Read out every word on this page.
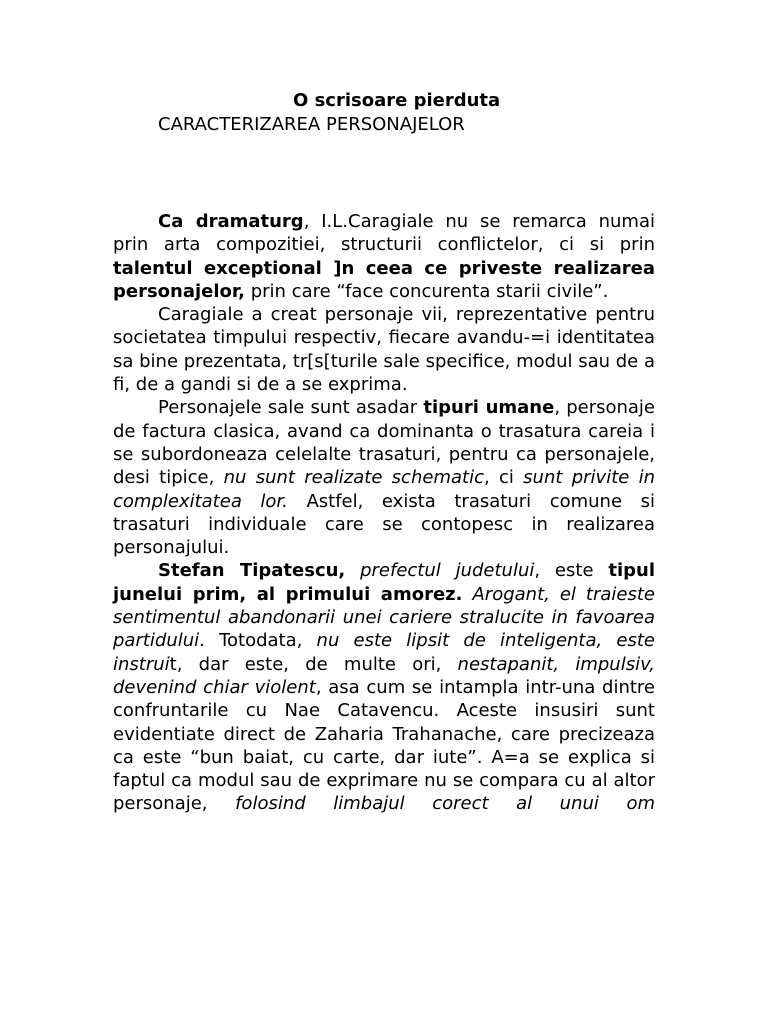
O scrisoare pierduta

CARACTERIZAREA PERSONAJELOR

Ca dramaturg, I.L.Caragiale nu se remarca numai prin arta compozitiei, structurii conflictelor, ci si prin talentul exceptional ]n ceea ce priveste realizarea personajelor, prin care “face concurenta starii civile”.

Caragiale a creat personaje vii, reprezentative pentru societatea timpului respectiv, fiecare avandu-=i identitatea sa bine prezentata, tr[s[turile sale specifice, modul sau de a fi, de a gandi si de a se exprima.

Personajele sale sunt asadar tipuri umane, personaje de factura clasica, avand ca dominanta o trasatura careia i se subordoneaza celelalte trasaturi, pentru ca personajele, desi tipice, nu sunt realizate schematic, ci sunt privite in complexitatea lor. Astfel, exista trasaturi comune si trasaturi individuale care se contopesc in realizarea personajului.

Stefan Tipatescu, prefectul judetului, este tipul junelui prim, al primului amorez. Arogant, el traieste sentimentul abandonarii unei cariere stralucite in favoarea partidului. Totodata, nu este lipsit de inteligenta, este instruit, dar este, de multe ori, nestapanit, impulsiv, devenind chiar violent, asa cum se intampla intr-una dintre confruntarile cu Nae Catavencu. Aceste insusiri sunt evidentiate direct de Zaharia Trahanache, care precizeaza ca este “bun baiat, cu carte, dar iute”. A=a se explica si faptul ca modul sau de exprimare nu se compara cu al altor personaje, folosind limbajul corect al unui om
